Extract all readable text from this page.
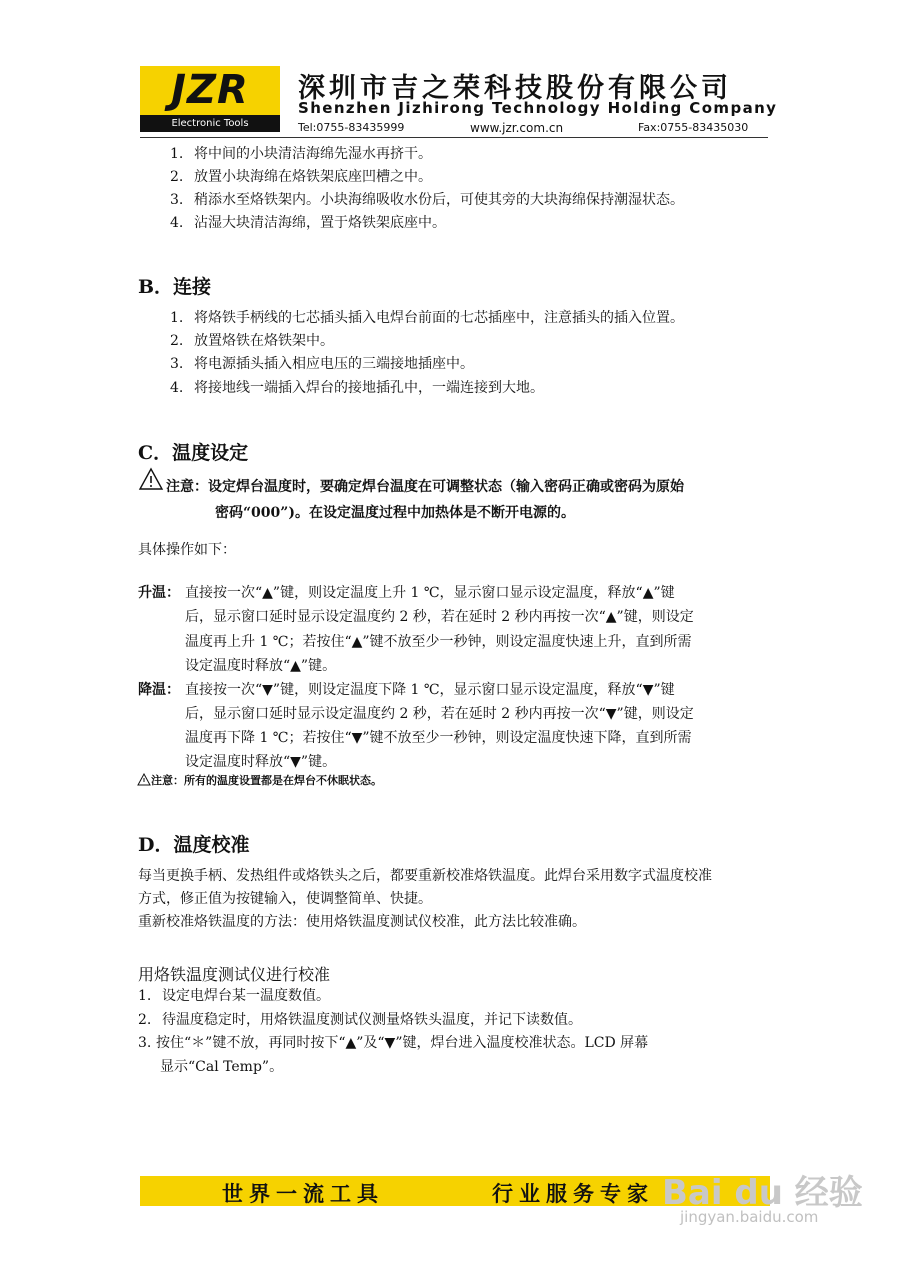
JZR
Electronic Tools
深圳市吉之荣科技股份有限公司
Shenzhen Jizhirong Technology Holding Company
Tel:0755-83435999	www.jzr.com.cn	Fax:0755-83435030
1. 将中间的小块清洁海绵先湿水再挤干。
2. 放置小块海绵在烙铁架底座凹槽之中。
3. 稍添水至烙铁架内。小块海绵吸收水份后，可使其旁的大块海绵保持潮湿状态。
4. 沾湿大块清洁海绵，置于烙铁架底座中。
B．连接
1. 将烙铁手柄线的七芯插头插入电焊台前面的七芯插座中，注意插头的插入位置。
2. 放置烙铁在烙铁架中。
3. 将电源插头插入相应电压的三端接地插座中。
4. 将接地线一端插入焊台的接地插孔中，一端连接到大地。
C．温度设定
注意：设定焊台温度时，要确定焊台温度在可调整状态（输入密码正确或密码为原始
密码“000”)。在设定温度过程中加热体是不断开电源的。
具体操作如下：
升温： 直接按一次“▲”键，则设定温度上升 1 ℃，显示窗口显示设定温度，释放“▲”键
后，显示窗口延时显示设定温度约 2 秒，若在延时 2 秒内再按一次“▲”键，则设定
温度再上升 1 ℃；若按住“▲”键不放至少一秒钟，则设定温度快速上升，直到所需
设定温度时释放“▲”键。
降温： 直接按一次“▼”键，则设定温度下降 1 ℃，显示窗口显示设定温度，释放“▼”键
后，显示窗口延时显示设定温度约 2 秒，若在延时 2 秒内再按一次“▼”键，则设定
温度再下降 1 ℃；若按住“▼”键不放至少一秒钟，则设定温度快速下降，直到所需
设定温度时释放“▼”键。
注意：所有的温度设置都是在焊台不休眠状态。
D．温度校准
每当更换手柄、发热组件或烙铁头之后，都要重新校准烙铁温度。此焊台采用数字式温度校准
方式，修正值为按键输入，使调整简单、快捷。
重新校准烙铁温度的方法：使用烙铁温度测试仪校准，此方法比较准确。
用烙铁温度测试仪进行校准
1. 设定电焊台某一温度数值。
2. 待温度稳定时，用烙铁温度测试仪测量烙铁头温度，并记下读数值。
3. 按住“＊”键不放，再同时按下“▲”及“▼”键，焊台进入温度校准状态。LCD 屏幕
显示“Cal Temp”。
世界一流工具	行业服务专家 Bai du 经验
jingyan.baidu.com
